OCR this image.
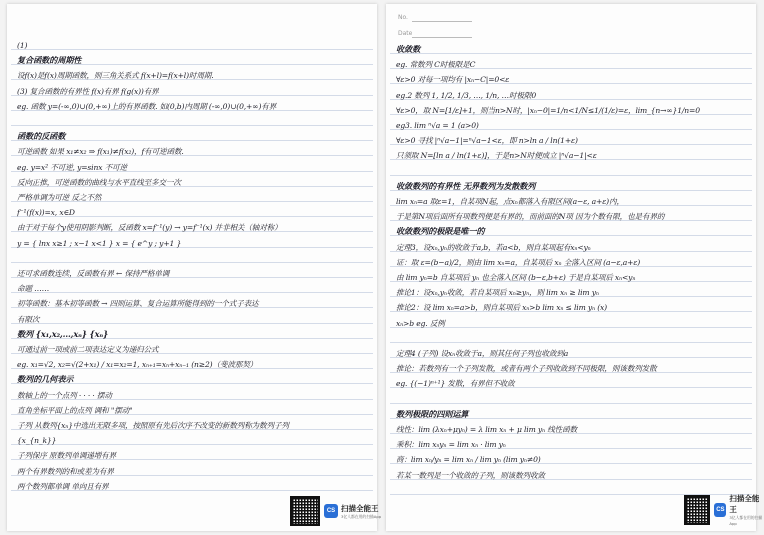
(1)
复合函数的周期性
设f(x)是f(x)周期函数，则三角关系式 f(x+l)=f(x+l)时周期.
(3) 复合函数的有界性 f(x)有界 f(g(x))有界
eg. 函数 y=(-∞,0)∪(0,+∞)上的有界函数. 如(0,b)内周期 (-∞,0)∪(0,+∞)有界
函数的反函数
可逆函数 如果 x₁≠x₂ ⇒ f(x₁)≠f(x₂)，f有可逆函数.
eg. y=x² 不可逆, y=sinx 不可逆
反向正推，可逆函数的曲线与水平直线至多交一次
严格单调为可逆 反之不然
f⁻¹(f(x))=x, x∈D
由于对于每个y使用阴影判断，反函数 x=f⁻¹(y) → y=f⁻¹(x) 并非相关（轴对称）
y = { lnx x≥1 ; x−1 x<1 } x = { e^y ; y+1 }
还可求函数连续，反函数有界 ← 保持严格单调
命题 ……
初等函数：基本初等函数 → 四则运算、复合运算所能得到的一个式子表达
有限次
数列 {x₁,x₂,…,xₙ} {xₙ}
可通过前一项或前二项表达定义为递归公式
eg. x₁=√2, x₂=√(2+x₁) / x₁=x₂=1, xₙ₊₁=xₙ+xₙ₋₁ (n≥2)（斐波那契）
数列的几何表示
数轴上的一个点列 · · · · 摆动
直角坐标平面上的点列 调和 "摆动"
子列 从数列{xₙ}中选出无限多项，按照原有先后次序不改变的新数列称为数列子列
{x_{n_k}}
子列保序 原数列单调递增有界
两个有界数列的和或差为有界
两个数列都单调 单向且有界
No.
Date
收敛数
eg. 常数列 C时极限是C
∀ε>0 对每一项均有 |xₙ−C|=0<ε
eg.2 数列 1, 1/2, 1/3, …, 1/n, …时极限0
∀ε>0，取 N=[1/ε]+1，则当n>N时，|xₙ−0|=1/n<1/N≤1/(1/ε)=ε，lim_{n→∞}1/n=0
eg3. lim ⁿ√a = 1 (a>0)
∀ε>0 寻找 |ⁿ√a−1|=ⁿ√a−1<ε，即 n>ln a / ln(1+ε)
只须取 N=[ln a / ln(1+ε)]，于是n>N时便成立 |ⁿ√a−1|<ε
收敛数列的有界性 无界数列为发散数列
lim xₙ=a 取ε=1，自某项N起，点xₙ都落入有限区间(a−ε, a+ε)内，
于是第N项后面所有项数列便是有界的，而前面的N项 因为个数有限，也是有界的
收敛数列的极限是唯一的
定理3，设xₙ,yₙ的收敛于a,b，若a<b，则自某项起有xₙ<yₙ
证：取 ε=(b−a)/2，则由 lim xₙ=a，自某项后 xₙ 全落入区间 (a−ε,a+ε)
由 lim yₙ=b 自某项后 yₙ 也全落入区间 (b−ε,b+ε) 于是自某项后 xₙ<yₙ
推论1：设xₙ,yₙ收敛，若自某项后 xₙ≥yₙ，则 lim xₙ ≥ lim yₙ
推论2：设 lim xₙ=a>b，则自某项后 xₙ>b lim xₙ ≤ lim yₙ (x)
xₙ>b eg. 反例
定理4 (子列) 设xₙ收敛于a，则其任何子列也收敛到a
推论：若数列有一个子列发散，或者有两个子列收敛到不同极限，则该数列发散
eg. {(−1)ⁿ⁺¹} 发散，有界但不收敛
数列极限的四则运算
线性：lim (λxₙ+μyₙ) = λ lim xₙ + μ lim yₙ 线性函数
乘积：lim xₙyₙ = lim xₙ · lim yₙ
商：lim xₙ/yₙ = lim xₙ / lim yₙ (lim yₙ≠0)
若某一数列是一个收敛的子列，则该数列收敛
CS 扫描全能王
3亿人都在用的扫描App
CS
扫描全能王
3亿人都在用的扫描App
